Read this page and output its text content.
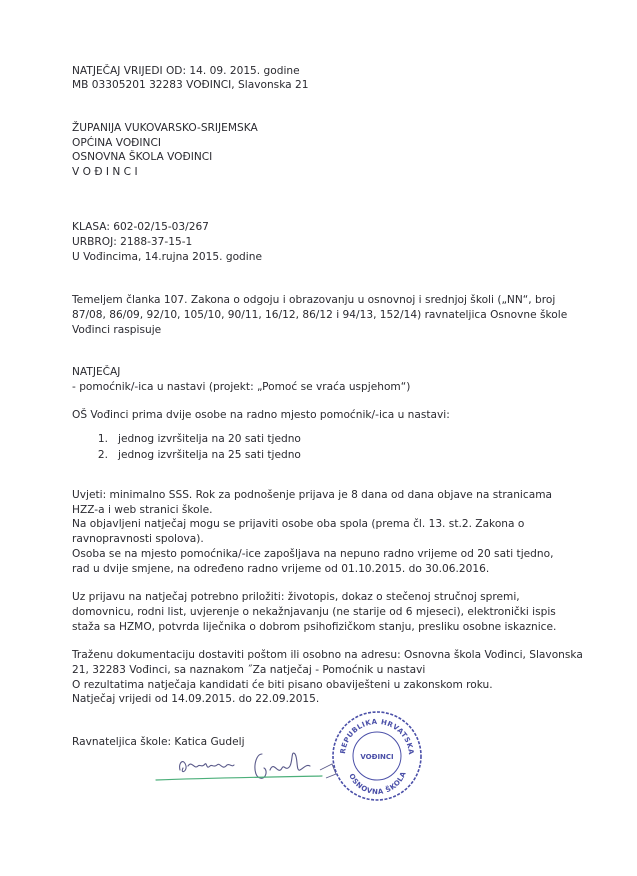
NATJEČAJ VRIJEDI OD: 14. 09. 2015. godine
MB 03305201 32283 VOĐINCI, Slavonska 21
ŽUPANIJA VUKOVARSKO-SRIJEMSKA
OPĆINA VOĐINCI
OSNOVNA ŠKOLA VOĐINCI
V O Đ I N C I
KLASA: 602-02/15-03/267
URBROJ: 2188-37-15-1
U Vođincima, 14.rujna 2015. godine
Temeljem članka 107. Zakona o odgoju i obrazovanju u osnovnoj i srednjoj školi („NN“, broj
87/08, 86/09, 92/10, 105/10, 90/11, 16/12, 86/12 i 94/13, 152/14) ravnateljica Osnovne škole
Vođinci raspisuje
NATJEČAJ
- pomoćnik/-ica u nastavi (projekt: „Pomoć se vraća uspjehom“)
OŠ Vođinci prima dvije osobe na radno mjesto pomoćnik/-ica u nastavi:
1. jednog izvršitelja na 20 sati tjedno
2. jednog izvršitelja na 25 sati tjedno
Uvjeti: minimalno SSS. Rok za podnošenje prijava je 8 dana od dana objave na stranicama
HZZ-a i web stranici škole.
Na objavljeni natječaj mogu se prijaviti osobe oba spola (prema čl. 13. st.2. Zakona o
ravnopravnosti spolova).
Osoba se na mjesto pomoćnika/-ice zapošljava na nepuno radno vrijeme od 20 sati tjedno,
rad u dvije smjene, na određeno radno vrijeme od 01.10.2015. do 30.06.2016.
Uz prijavu na natječaj potrebno priložiti: životopis, dokaz o stečenoj stručnoj spremi,
domovnicu, rodni list, uvjerenje o nekažnjavanju (ne starije od 6 mjeseci), elektronički ispis
staža sa HZMO, potvrda liječnika o dobrom psihofizičkom stanju, presliku osobne iskaznice.
Traženu dokumentaciju dostaviti poštom ili osobno na adresu: Osnovna škola Vođinci, Slavonska
21, 32283 Vođinci, sa naznakom ˝Za natječaj - Pomoćnik u nastavi
O rezultatima natječaja kandidati će biti pisano obaviješteni u zakonskom roku.
Natječaj vrijedi od 14.09.2015. do 22.09.2015.
Ravnateljica škole: Katica Gudelj
REPUBLIKA HRVATSKA
OSNOVNA ŠKOLA
VOĐINCI
